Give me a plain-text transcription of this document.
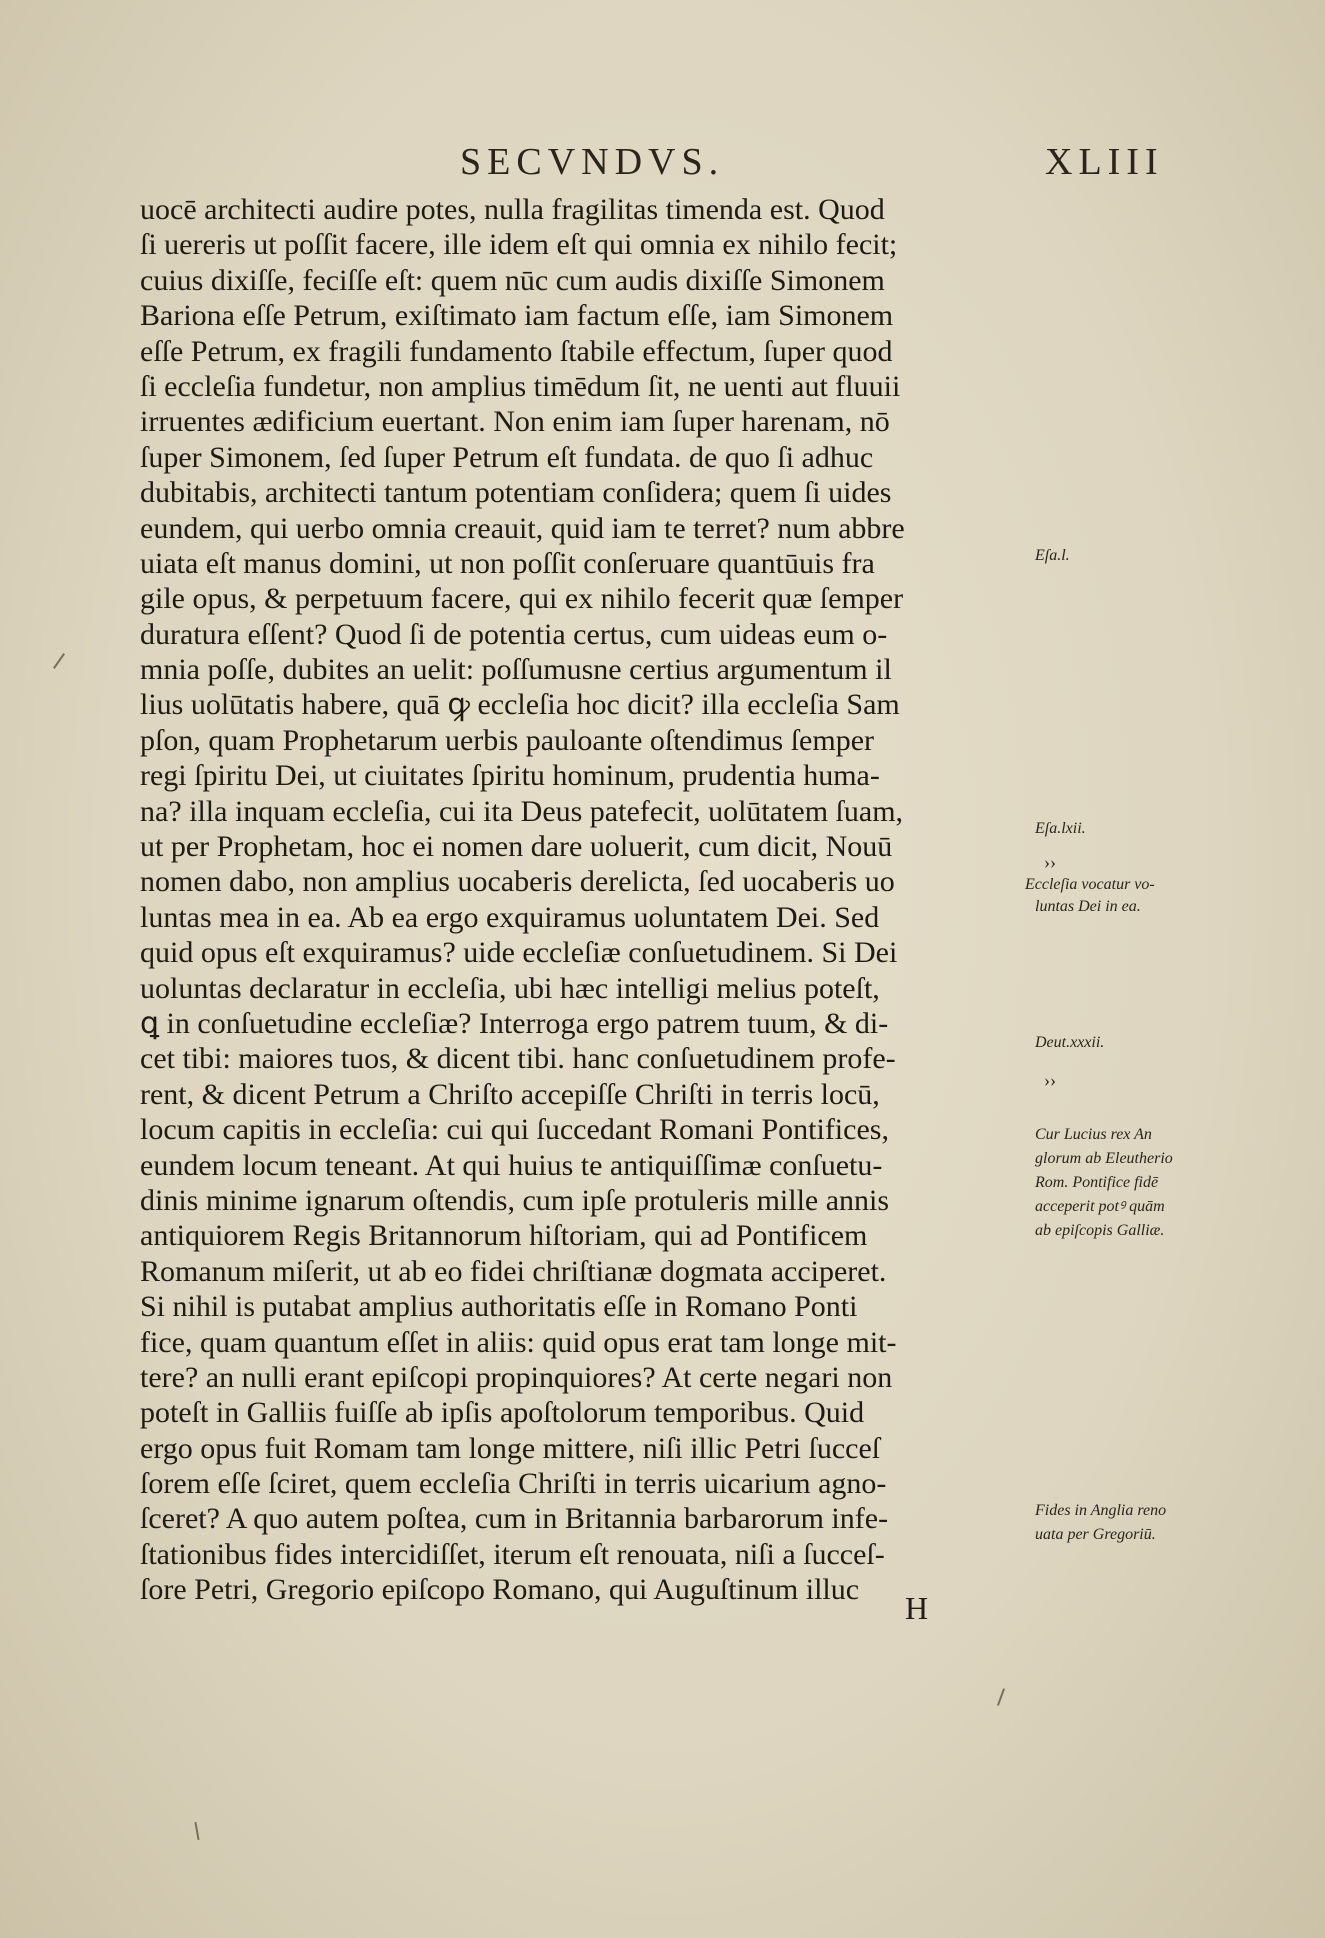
SECVNDVS.	XLIII
uocē architecti audire potes, nulla fragilitas timenda est. Quod
ſi uereris ut poſſit facere, ille idem eſt qui omnia ex nihilo fecit;
cuius dixiſſe, feciſſe eſt: quem nūc cum audis dixiſſe Simonem
Bariona eſſe Petrum, exiſtimato iam factum eſſe, iam Simonem
eſſe Petrum, ex fragili fundamento ſtabile effectum, ſuper quod
ſi eccleſia fundetur, non amplius timēdum ſit, ne uenti aut fluuii
irruentes ædificium euertant. Non enim iam ſuper harenam, nō
ſuper Simonem, ſed ſuper Petrum eſt fundata. de quo ſi adhuc
dubitabis, architecti tantum potentiam conſidera; quem ſi uides
eundem, qui uerbo omnia creauit, quid iam te terret? num abbre
uiata eſt manus domini, ut non poſſit conſeruare quantūuis fra
gile opus, & perpetuum facere, qui ex nihilo fecerit quæ ſemper
duratura eſſent? Quod ſi de potentia certus, cum uideas eum o-
mnia poſſe, dubites an uelit: poſſumusne certius argumentum il
lius uolūtatis habere, quā ꝙ eccleſia hoc dicit? illa eccleſia Sam
pſon, quam Prophetarum uerbis pauloante oſtendimus ſemper
regi ſpiritu Dei, ut ciuitates ſpiritu hominum, prudentia huma-
na? illa inquam eccleſia, cui ita Deus patefecit, uolūtatem ſuam,
ut per Prophetam, hoc ei nomen dare uoluerit, cum dicit, Nouū
nomen dabo, non amplius uocaberis derelicta, ſed uocaberis uo
luntas mea in ea. Ab ea ergo exquiramus uoluntatem Dei. Sed
quid opus eſt exquiramus? uide eccleſiæ conſuetudinem. Si Dei
uoluntas declaratur in eccleſia, ubi hæc intelligi melius poteſt,
ꝗ in conſuetudine eccleſiæ? Interroga ergo patrem tuum, & di-
cet tibi: maiores tuos, & dicent tibi. hanc conſuetudinem profe-
rent, & dicent Petrum a Chriſto accepiſſe Chriſti in terris locū,
locum capitis in eccleſia: cui qui ſuccedant Romani Pontifices,
eundem locum teneant. At qui huius te antiquiſſimæ conſuetu-
dinis minime ignarum oſtendis, cum ipſe protuleris mille annis
antiquiorem Regis Britannorum hiſtoriam, qui ad Pontificem
Romanum miſerit, ut ab eo fidei chriſtianæ dogmata acciperet.
Si nihil is putabat amplius authoritatis eſſe in Romano Ponti
fice, quam quantum eſſet in aliis: quid opus erat tam longe mit-
tere? an nulli erant epiſcopi propinquiores? At certe negari non
poteſt in Galliis fuiſſe ab ipſis apoſtolorum temporibus. Quid
ergo opus fuit Romam tam longe mittere, niſi illic Petri ſucceſ
ſorem eſſe ſciret, quem eccleſia Chriſti in terris uicarium agno-
ſceret? A quo autem poſtea, cum in Britannia barbarorum infe-
ſtationibus fides intercidiſſet, iterum eſt renouata, niſi a ſucceſ-
ſore Petri, Gregorio epiſcopo Romano, qui Auguſtinum illuc
H
Eſa.l.
Eſa.lxii.
››
Eccleſia vocatur vo-
luntas Dei in ea.
Deut.xxxii.
››
Cur Lucius rex An
glorum ab Eleutherio
Rom. Pontifice fidē
acceperit potꝰ quām
ab epiſcopis Galliæ.
Fides in Anglia reno
uata per Gregoriū.
